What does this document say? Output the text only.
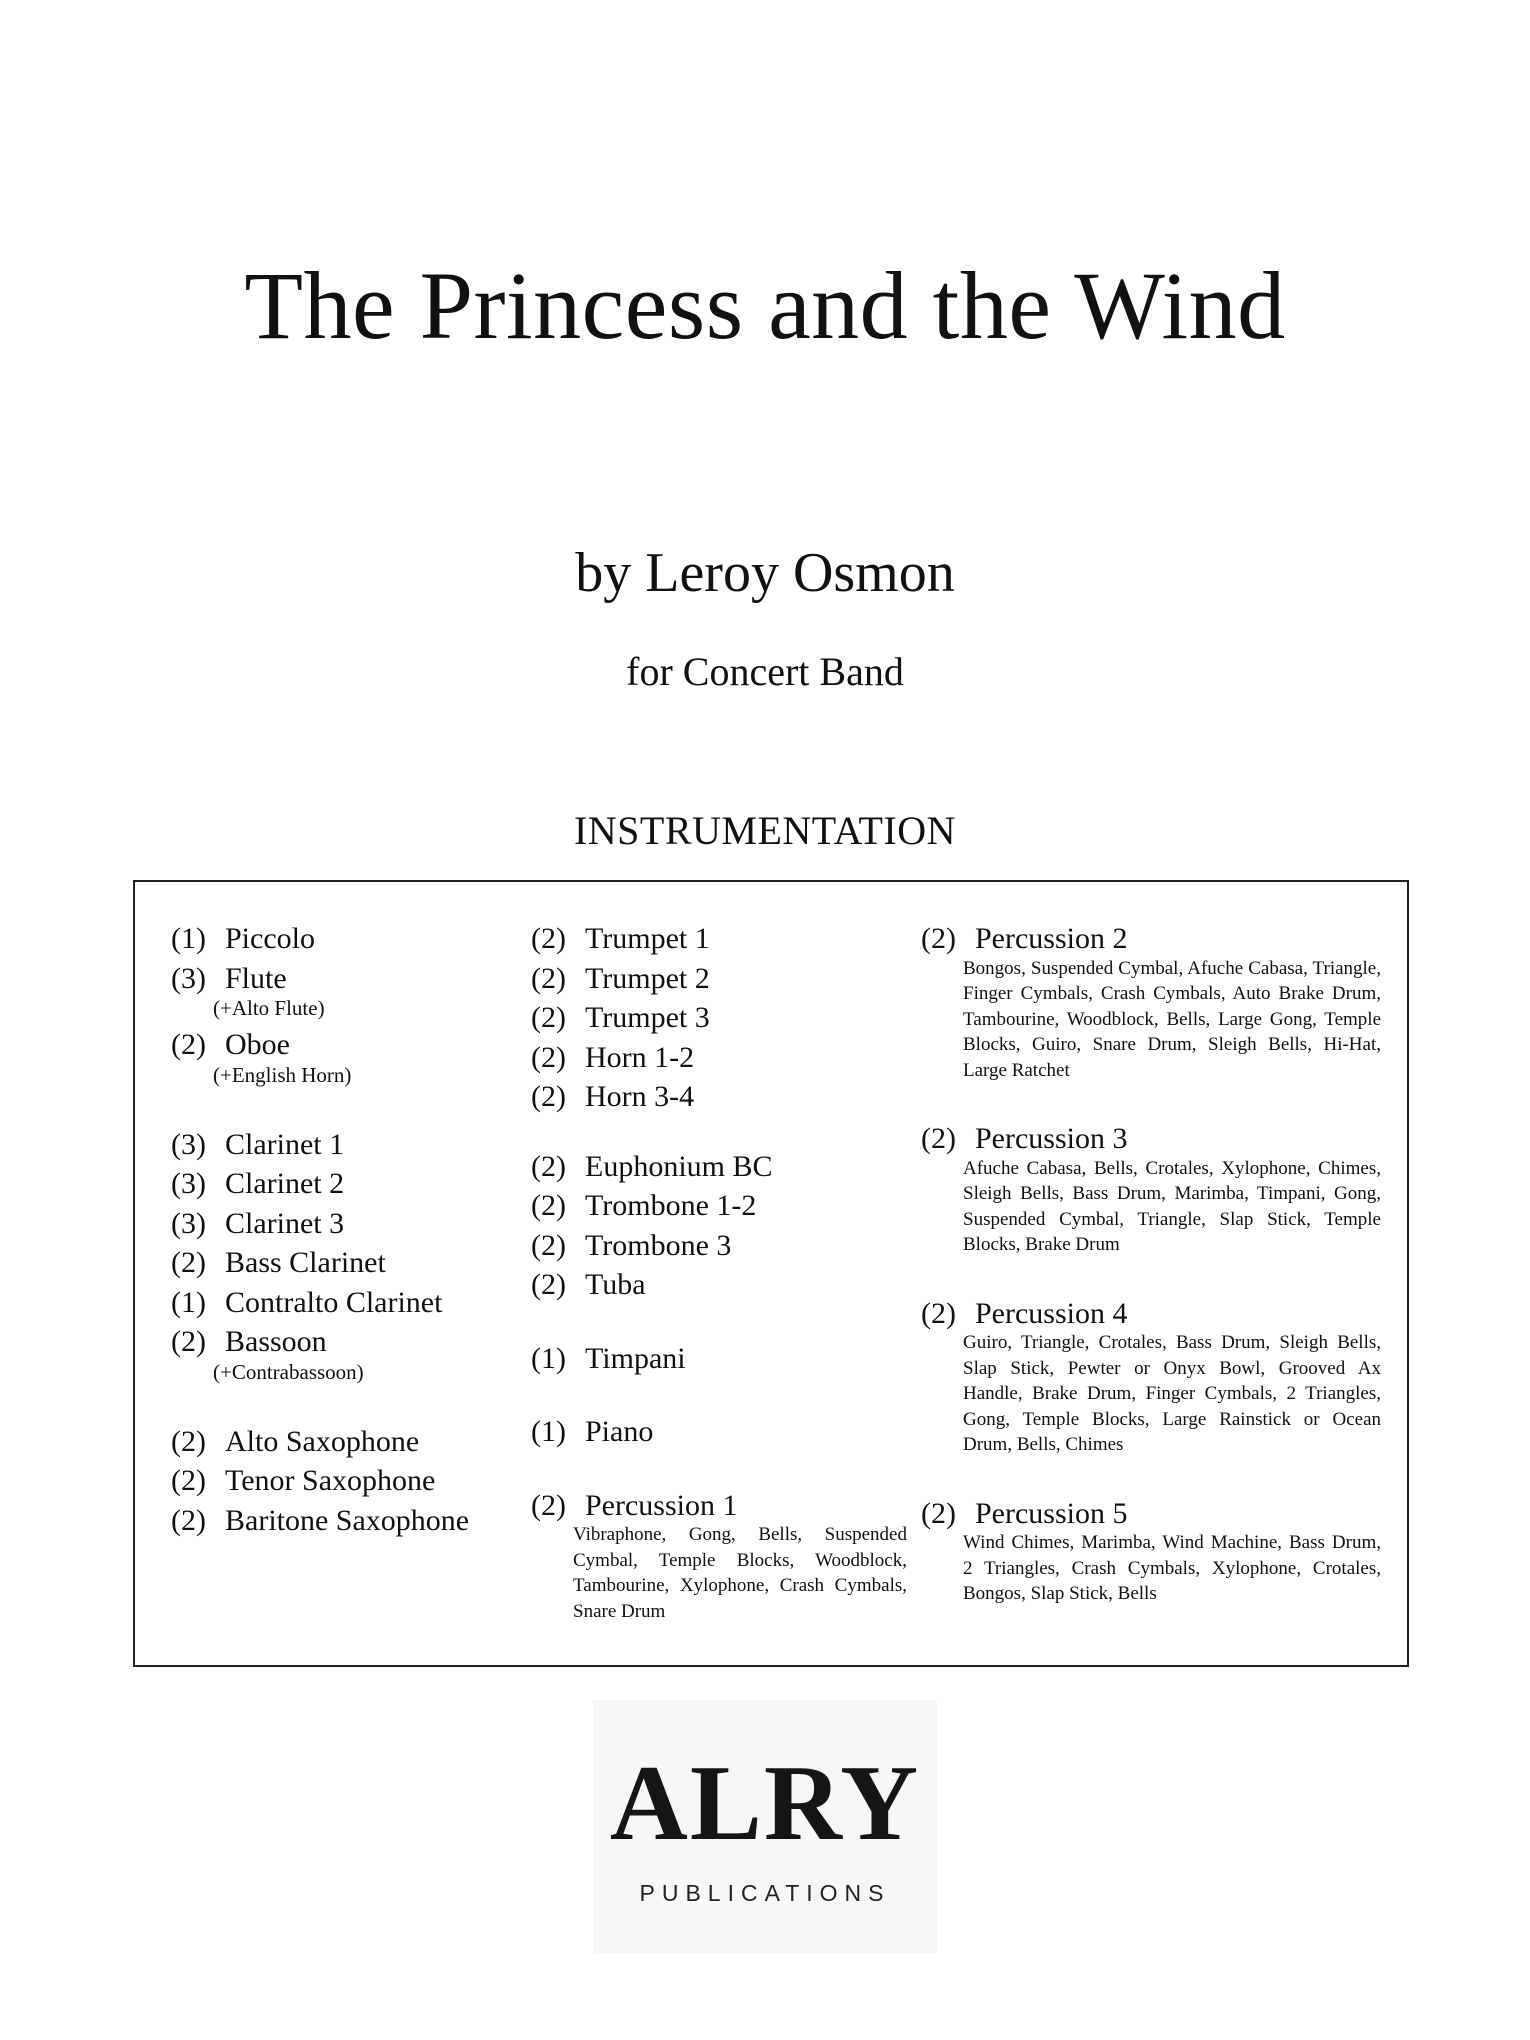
The Princess and the Wind
by Leroy Osmon
for Concert Band
INSTRUMENTATION
(1) Piccolo
(3) Flute
(+Alto Flute)
(2) Oboe
(+English Horn)
(3) Clarinet 1
(3) Clarinet 2
(3) Clarinet 3
(2) Bass Clarinet
(1) Contralto Clarinet
(2) Bassoon
(+Contrabassoon)
(2) Alto Saxophone
(2) Tenor Saxophone
(2) Baritone Saxophone
(2) Trumpet 1
(2) Trumpet 2
(2) Trumpet 3
(2) Horn 1-2
(2) Horn 3-4
(2) Euphonium BC
(2) Trombone 1-2
(2) Trombone 3
(2) Tuba
(1) Timpani
(1) Piano
(2) Percussion 1
Vibraphone, Gong, Bells, Suspended Cymbal, Temple Blocks, Woodblock, Tambourine, Xylophone, Crash Cymbals, Snare Drum
(2) Percussion 2
Bongos, Suspended Cymbal, Afuche Cabasa, Triangle, Finger Cymbals, Crash Cymbals, Auto Brake Drum, Tambourine, Woodblock, Bells, Large Gong, Temple Blocks, Guiro, Snare Drum, Sleigh Bells, Hi-Hat, Large Ratchet
(2) Percussion 3
Afuche Cabasa, Bells, Crotales, Xylophone, Chimes, Sleigh Bells, Bass Drum, Marimba, Timpani, Gong, Suspended Cymbal, Triangle, Slap Stick, Temple Blocks, Brake Drum
(2) Percussion 4
Guiro, Triangle, Crotales, Bass Drum, Sleigh Bells, Slap Stick, Pewter or Onyx Bowl, Grooved Ax Handle, Brake Drum, Finger Cymbals, 2 Triangles, Gong, Temple Blocks, Large Rainstick or Ocean Drum, Bells, Chimes
(2) Percussion 5
Wind Chimes, Marimba, Wind Machine, Bass Drum, 2 Triangles, Crash Cymbals, Xylophone, Crotales, Bongos, Slap Stick, Bells
ALRY
PUBLICATIONS
